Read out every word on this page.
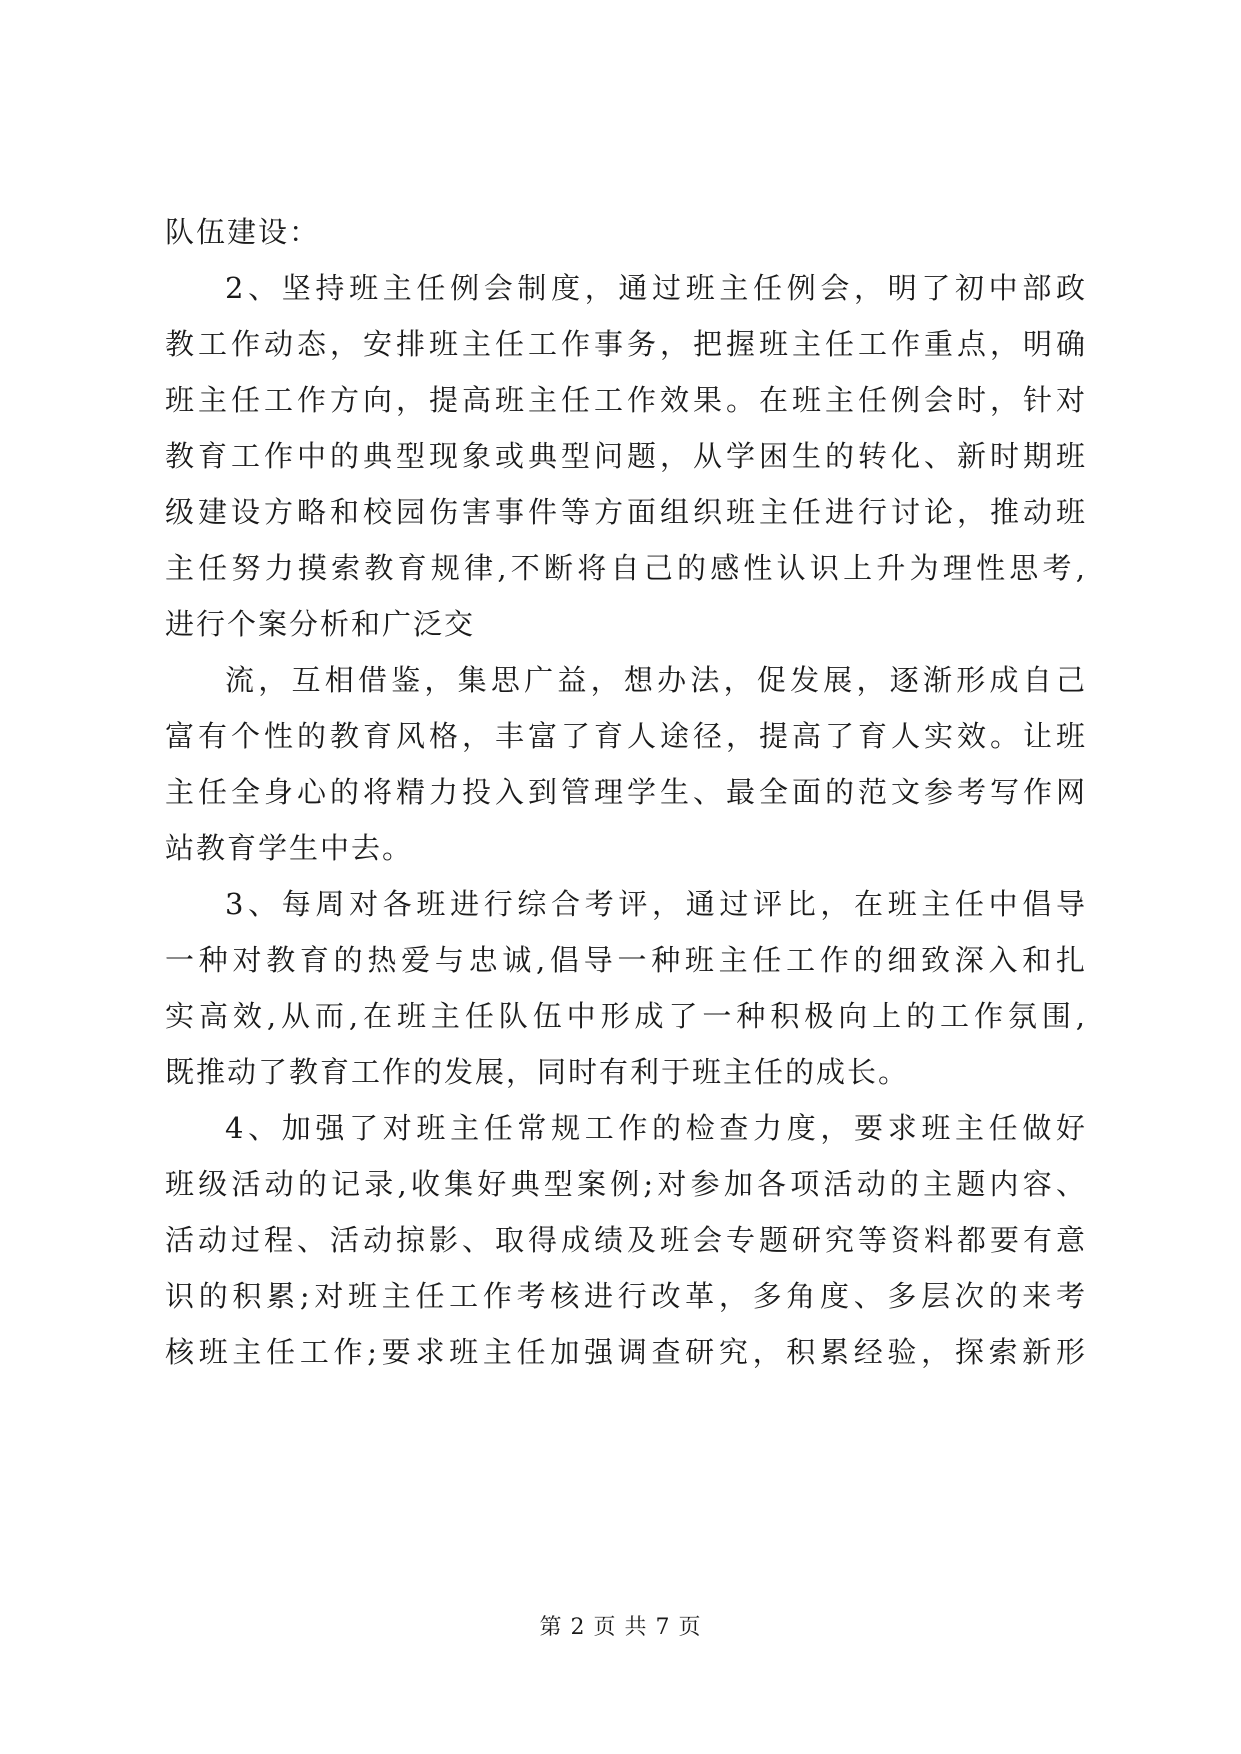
队伍建设：
2、坚持班主任例会制度，通过班主任例会，明了初中部政
教工作动态，安排班主任工作事务，把握班主任工作重点，明确
班主任工作方向，提高班主任工作效果。在班主任例会时，针对
教育工作中的典型现象或典型问题，从学困生的转化、新时期班
级建设方略和校园伤害事件等方面组织班主任进行讨论，推动班
主任努力摸索教育规律,不断将自己的感性认识上升为理性思考,
进行个案分析和广泛交
流，互相借鉴，集思广益，想办法，促发展，逐渐形成自己
富有个性的教育风格，丰富了育人途径，提高了育人实效。让班
主任全身心的将精力投入到管理学生、最全面的范文参考写作网
站教育学生中去。
3、每周对各班进行综合考评，通过评比，在班主任中倡导
一种对教育的热爱与忠诚,倡导一种班主任工作的细致深入和扎
实高效,从而,在班主任队伍中形成了一种积极向上的工作氛围,
既推动了教育工作的发展，同时有利于班主任的成长。
4、加强了对班主任常规工作的检查力度，要求班主任做好
班级活动的记录,收集好典型案例;对参加各项活动的主题内容、
活动过程、活动掠影、取得成绩及班会专题研究等资料都要有意
识的积累;对班主任工作考核进行改革，多角度、多层次的来考
核班主任工作;要求班主任加强调查研究，积累经验，探索新形
第 2 页 共 7 页
